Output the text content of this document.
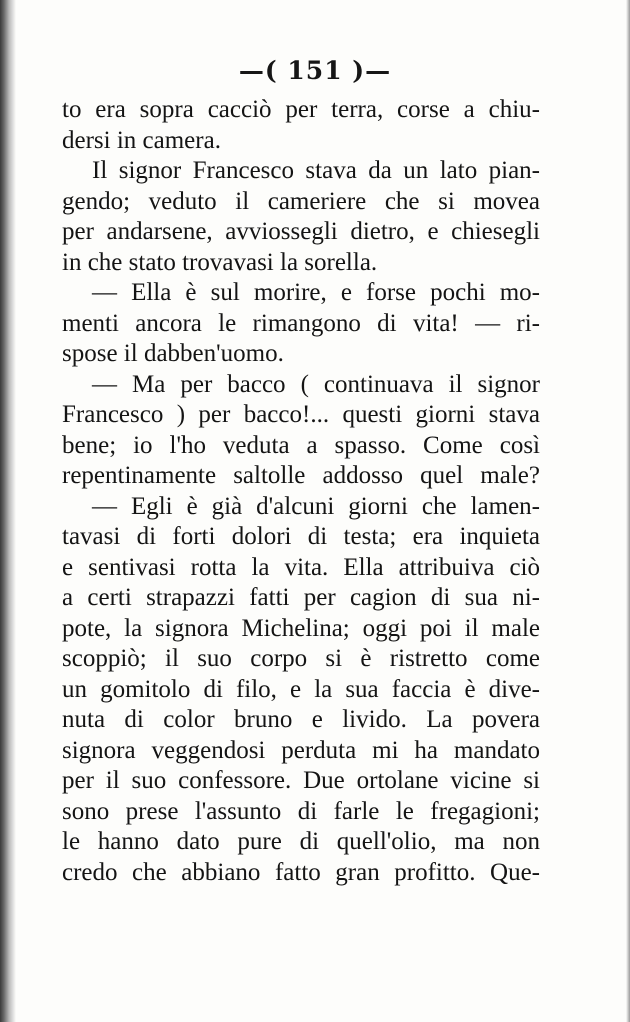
—( 151 )—
to era sopra cacciò per terra, corse a chiu-
dersi in camera.
Il signor Francesco stava da un lato pian-
gendo; veduto il cameriere che si movea
per andarsene, avviossegli dietro, e chiesegli
in che stato trovavasi la sorella.
— Ella è sul morire, e forse pochi mo-
menti ancora le rimangono di vita! — ri-
spose il dabben'uomo.
— Ma per bacco ( continuava il signor
Francesco ) per bacco!... questi giorni stava
bene; io l'ho veduta a spasso. Come così
repentinamente saltolle addosso quel male?
— Egli è già d'alcuni giorni che lamen-
tavasi di forti dolori di testa; era inquieta
e sentivasi rotta la vita. Ella attribuiva ciò
a certi strapazzi fatti per cagion di sua ni-
pote, la signora Michelina; oggi poi il male
scoppiò; il suo corpo si è ristretto come
un gomitolo di filo, e la sua faccia è dive-
nuta di color bruno e livido. La povera
signora veggendosi perduta mi ha mandato
per il suo confessore. Due ortolane vicine si
sono prese l'assunto di farle le fregagioni;
le hanno dato pure di quell'olio, ma non
credo che abbiano fatto gran profitto. Que-
